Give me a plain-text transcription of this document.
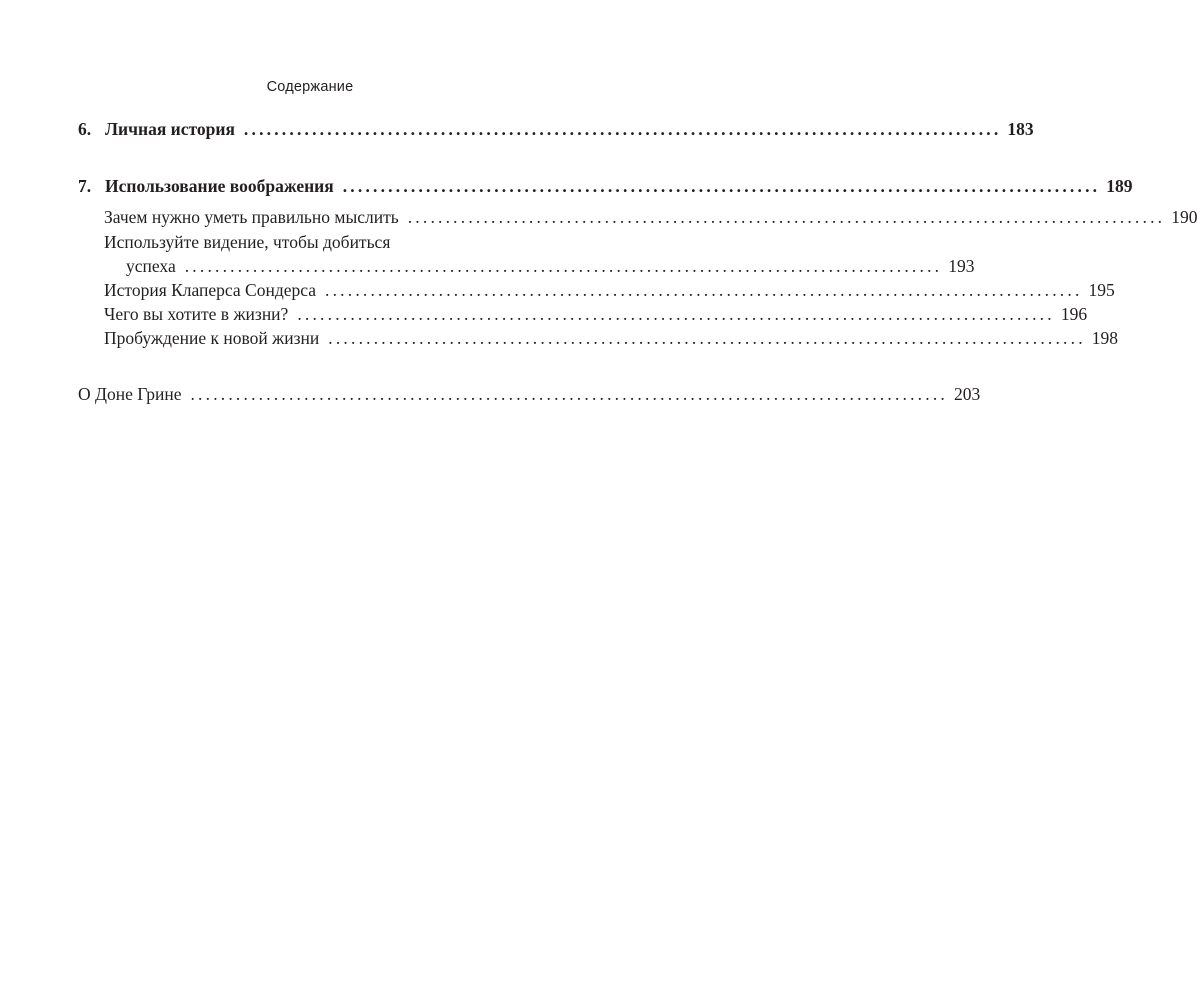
Содержание
6. Личная история .................................................................................................... 183
7. Использование воображения .................................................................................................... 189
Зачем нужно уметь правильно мыслить .................................................................................................... 190
Используйте видение, чтобы добиться
успеха .................................................................................................... 193
История Клаперса Сондерса .................................................................................................... 195
Чего вы хотите в жизни? .................................................................................................... 196
Пробуждение к новой жизни .................................................................................................... 198
О Доне Грине .................................................................................................... 203
